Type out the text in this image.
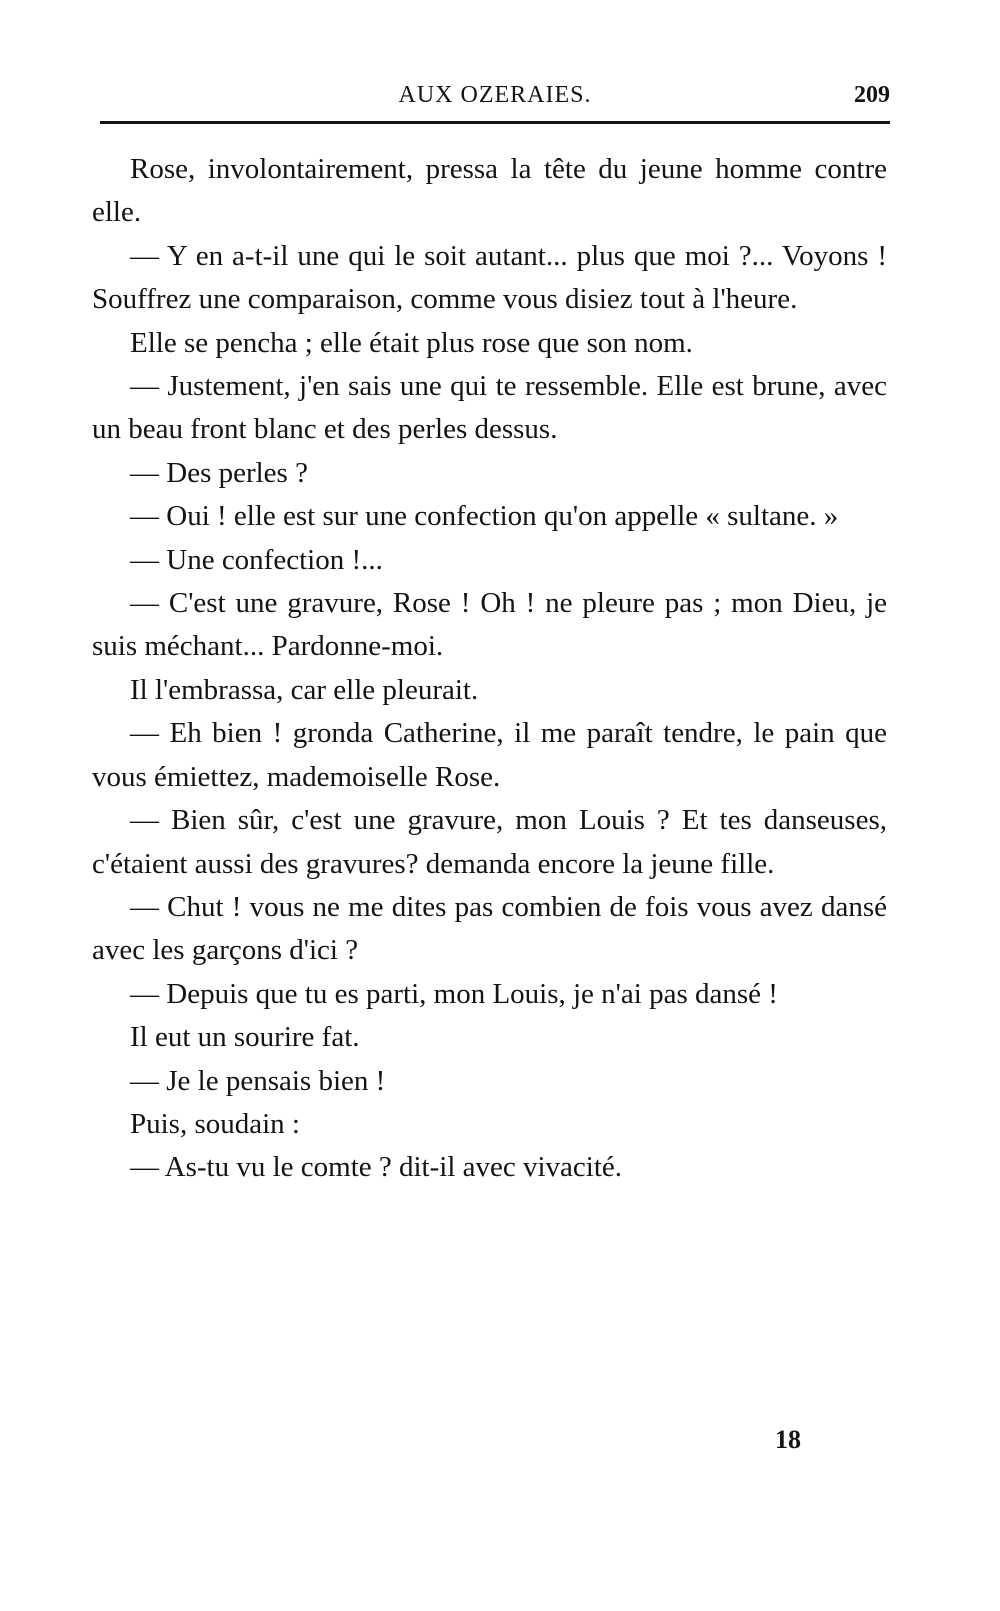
AUX OZERAIES.	209

Rose, involontairement, pressa la tête du jeune homme contre elle.

— Y en a-t-il une qui le soit autant... plus que moi ?... Voyons ! Souffrez une comparaison, comme vous disiez tout à l'heure.

Elle se pencha ; elle était plus rose que son nom.

— Justement, j'en sais une qui te ressemble. Elle est brune, avec un beau front blanc et des perles dessus.

— Des perles ?

— Oui ! elle est sur une confection qu'on appelle « sultane. »

— Une confection !...

— C'est une gravure, Rose ! Oh ! ne pleure pas ; mon Dieu, je suis méchant... Pardonne-moi.

Il l'embrassa, car elle pleurait.

— Eh bien ! gronda Catherine, il me paraît tendre, le pain que vous émiettez, mademoiselle Rose.

— Bien sûr, c'est une gravure, mon Louis ? Et tes danseuses, c'étaient aussi des gravures? demanda encore la jeune fille.

— Chut ! vous ne me dites pas combien de fois vous avez dansé avec les garçons d'ici ?

— Depuis que tu es parti, mon Louis, je n'ai pas dansé !

Il eut un sourire fat.

— Je le pensais bien !

Puis, soudain :

— As-tu vu le comte ? dit-il avec vivacité.

18
